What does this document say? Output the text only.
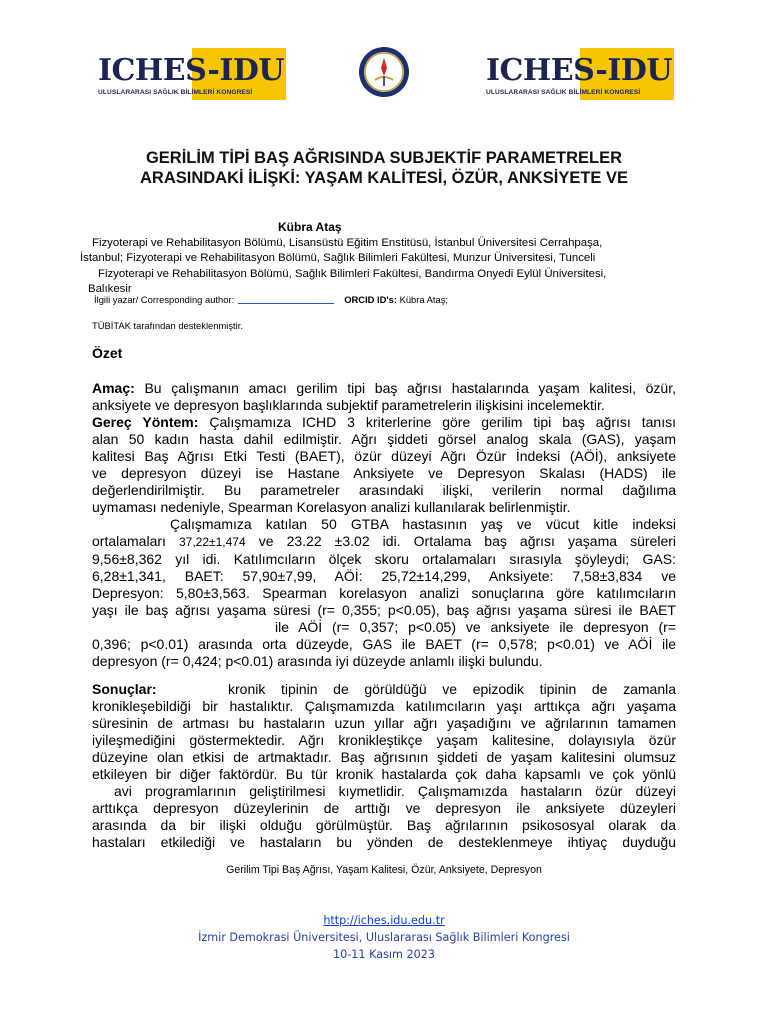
ICHES-IDU
ULUSLARARASI SAĞLIK BİLİMLERİ KONGRESİ
ICHES-IDU
ULUSLARARASI SAĞLIK BİLİMLERİ KONGRESİ
GERİLİM TİPİ BAŞ AĞRISINDA SUBJEKTİF PARAMETRELER
ARASINDAKİ İLİŞKİ: YAŞAM KALİTESİ, ÖZÜR, ANKSİYETE VE
Kübra Ataş
Fizyoterapi ve Rehabilitasyon Bölümü, Lisansüstü Eğitim Enstitüsü, İstanbul Üniversitesi Cerrahpaşa,
İstanbul; Fizyoterapi ve Rehabilitasyon Bölümü, Sağlık Bilimleri Fakültesi, Munzur Üniversitesi, Tunceli
Fizyoterapi ve Rehabilitasyon Bölümü, Sağlık Bilimleri Fakültesi, Bandırma Onyedi Eylül Üniversitesi,
Balıkesir
İlgili yazar/ Corresponding author:	ORCID ID's: Kübra Ataş;
TÜBİTAK tarafından desteklenmiştir.
Özet

Amaç: Bu çalışmanın amacı gerilim tipi baş ağrısı hastalarında yaşam kalitesi, özür,

anksiyete ve depresyon başlıklarında subjektif parametrelerin ilişkisini incelemektir.

Gereç Yöntem: Çalışmamıza ICHD 3 kriterlerine göre gerilim tipi baş ağrısı tanısı

alan 50 kadın hasta dahil edilmiştir. Ağrı şiddeti görsel analog skala (GAS), yaşam

kalitesi Baş Ağrısı Etki Testi (BAET), özür düzeyi Ağrı Özür İndeksi (AÖİ), anksiyete

ve depresyon düzeyi ise Hastane Anksiyete ve Depresyon Skalası (HADS) ile

değerlendirilmiştir. Bu parametreler arasındaki ilişki, verilerin normal dağılıma

uymaması nedeniyle, Spearman Korelasyon analizi kullanılarak belirlenmiştir.

Çalışmamıza katılan 50 GTBA hastasının yaş ve vücut kitle indeksi

ortalamaları 37,22±1,474 ve 23.22 ±3.02 idi. Ortalama baş ağrısı yaşama süreleri

9,56±8,362 yıl idi. Katılımcıların ölçek skoru ortalamaları sırasıyla şöyleydi; GAS:

6,28±1,341, BAET: 57,90±7,99, AÖİ: 25,72±14,299, Anksiyete: 7,58±3,834 ve

Depresyon: 5,80±3,563. Spearman korelasyon analizi sonuçlarına göre katılımcıların

yaşı ile baş ağrısı yaşama süresi (r= 0,355; p<0.05), baş ağrısı yaşama süresi ile BAET

ile AÖİ (r= 0,357; p<0.05) ve anksiyete ile depresyon (r=

0,396; p<0.01) arasında orta düzeyde, GAS ile BAET (r= 0,578; p<0.01) ve AÖİ ile

depresyon (r= 0,424; p<0.01) arasında iyi düzeyde anlamlı ilişki bulundu.

Sonuçlar:	kronik tipinin de görüldüğü ve epizodik tipinin de zamanla

kronikleşebildiği bir hastalıktır. Çalışmamızda katılımcıların yaşı arttıkça ağrı yaşama

süresinin de artması bu hastaların uzun yıllar ağrı yaşadığını ve ağrılarının tamamen

iyileşmediğini göstermektedir. Ağrı kronikleştikçe yaşam kalitesine, dolayısıyla özür

düzeyine olan etkisi de artmaktadır. Baş ağrısının şiddeti de yaşam kalitesini olumsuz

etkileyen bir diğer faktördür. Bu tür kronik hastalarda çok daha kapsamlı ve çok yönlü

avi programlarının geliştirilmesi kıymetlidir. Çalışmamızda hastaların özür düzeyi

arttıkça depresyon düzeylerinin de arttığı ve depresyon ile anksiyete düzeyleri

arasında da bir ilişki olduğu görülmüştür. Baş ağrılarının psikososyal olarak da

hastaları etkilediği ve hastaların bu yönden de desteklenmeye ihtiyaç duyduğu

Gerilim Tipi Baş Ağrısı, Yaşam Kalitesi, Özür, Anksiyete, Depresyon
http://iches.idu.edu.tr
İzmir Demokrasi Üniversitesi, Uluslararası Sağlık Bilimleri Kongresi
10-11 Kasım 2023
